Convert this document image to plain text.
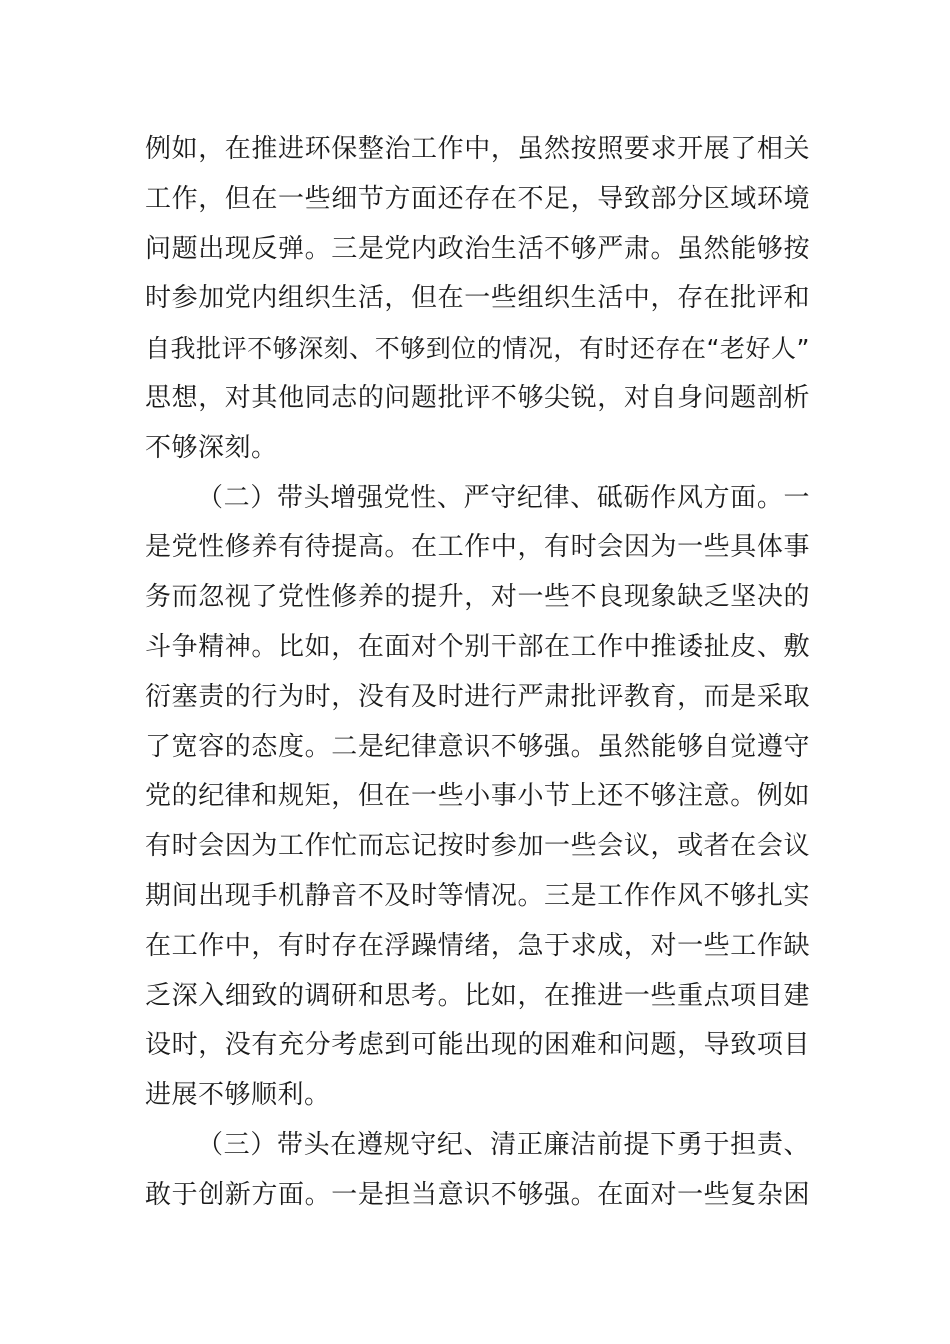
例如，在推进环保整治工作中，虽然按照要求开展了相关
工作，但在一些细节方面还存在不足，导致部分区域环境
问题出现反弹。三是党内政治生活不够严肃。虽然能够按
时参加党内组织生活，但在一些组织生活中，存在批评和
自我批评不够深刻、不够到位的情况，有时还存在“老好人”
思想，对其他同志的问题批评不够尖锐，对自身问题剖析
不够深刻。
（二）带头增强党性、严守纪律、砥砺作风方面。一
是党性修养有待提高。在工作中，有时会因为一些具体事
务而忽视了党性修养的提升，对一些不良现象缺乏坚决的
斗争精神。比如，在面对个别干部在工作中推诿扯皮、敷
衍塞责的行为时，没有及时进行严肃批评教育，而是采取
了宽容的态度。二是纪律意识不够强。虽然能够自觉遵守
党的纪律和规矩，但在一些小事小节上还不够注意。例如
有时会因为工作忙而忘记按时参加一些会议，或者在会议
期间出现手机静音不及时等情况。三是工作作风不够扎实
在工作中，有时存在浮躁情绪，急于求成，对一些工作缺
乏深入细致的调研和思考。比如，在推进一些重点项目建
设时，没有充分考虑到可能出现的困难和问题，导致项目
进展不够顺利。
（三）带头在遵规守纪、清正廉洁前提下勇于担责、
敢于创新方面。一是担当意识不够强。在面对一些复杂困
